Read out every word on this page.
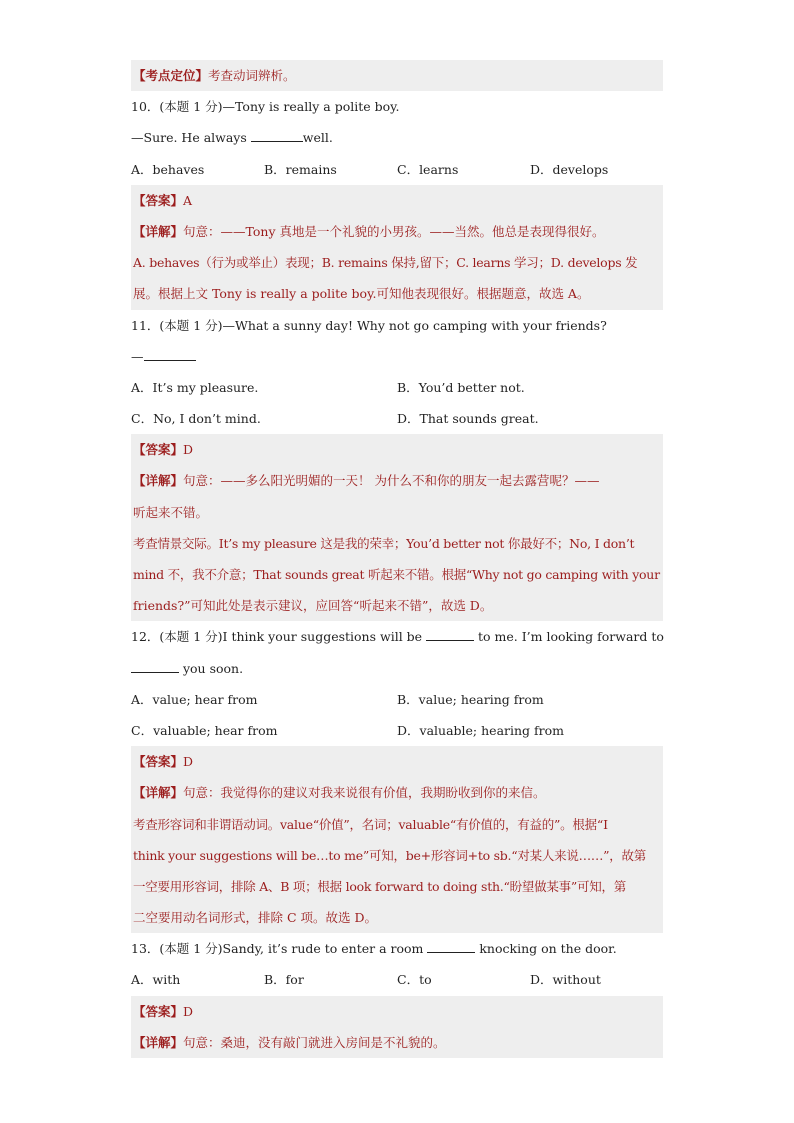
【考点定位】考查动词辨析。
10．(本题 1 分)—Tony is really a polite boy.
—Sure. He always	well.
A．behaves	B．remains	C．learns	D．develops
【答案】A
【详解】句意：——Tony 真地是一个礼貌的小男孩。——当然。他总是表现得很好。
A. behaves（行为或举止）表现；B. remains 保持,留下；C. learns 学习；D. develops 发
展。根据上文 Tony is really a polite boy.可知他表现很好。根据题意，故选 A。
11．(本题 1 分)—What a sunny day! Why not go camping with your friends?
—
A．It’s my pleasure.	B．You’d better not.
C．No, I don’t mind.	D．That sounds great.
【答案】D
【详解】句意：——多么阳光明媚的一天！ 为什么不和你的朋友一起去露营呢？——
听起来不错。
考查情景交际。It’s my pleasure 这是我的荣幸；You’d better not 你最好不；No, I don’t
mind 不，我不介意；That sounds great 听起来不错。根据“Why not go camping with your
friends?”可知此处是表示建议，应回答“听起来不错”，故选 D。
12．(本题 1 分)I think your suggestions will be	to me. I’m looking forward to
you soon.
A．value; hear from	B．value; hearing from
C．valuable; hear from	D．valuable; hearing from
【答案】D
【详解】句意：我觉得你的建议对我来说很有价值，我期盼收到你的来信。
考查形容词和非谓语动词。value“价值”，名词；valuable“有价值的，有益的”。根据“I
think your suggestions will be…to me”可知，be+形容词+to sb.“对某人来说……”，故第
一空要用形容词，排除 A、B 项；根据 look forward to doing sth.“盼望做某事”可知，第
二空要用动名词形式，排除 C 项。故选 D。
13．(本题 1 分)Sandy, it’s rude to enter a room	knocking on the door.
A．with	B．for	C．to	D．without
【答案】D
【详解】句意：桑迪，没有敲门就进入房间是不礼貌的。
